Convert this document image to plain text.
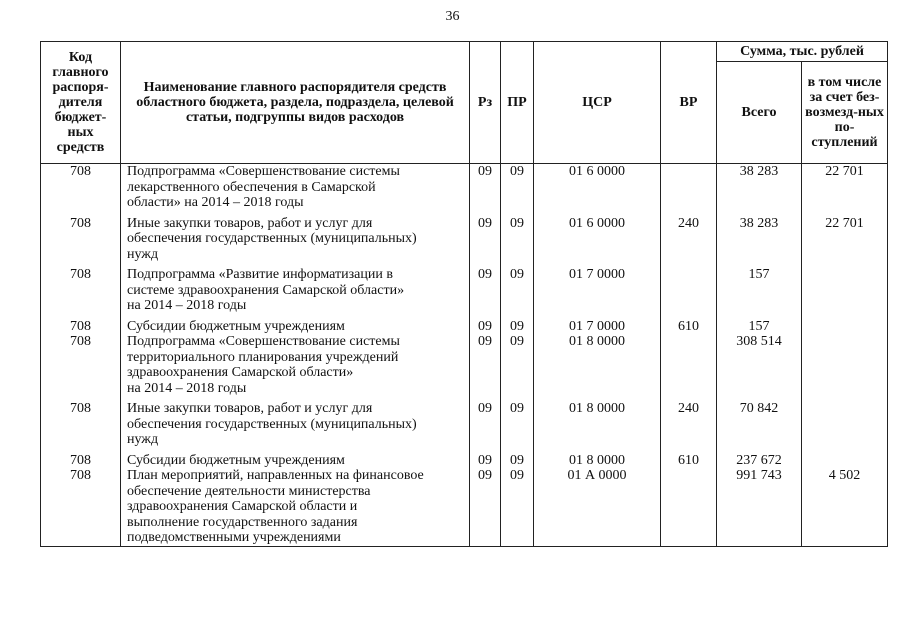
36
Код главного распоря-дителя бюджет-ных средств	Наименование главного распорядителя средств областного бюджета, раздела, подраздела, целевой статьи, подгруппы видов расходов	Рз	ПР	ЦСР	ВР	Сумма, тыс. рублей	
						Всего	в том числе за счет без-возмезд-ных по-ступлений
708	Подпрограмма «Совершенствование системы
лекарственного обеспечения в Самарской
области» на 2014 – 2018 годы	09	09	01 6 0000		38 283	22 701
708	Иные закупки товаров, работ и услуг для
обеспечения государственных (муниципальных)
нужд	09	09	01 6 0000	240	38 283	22 701
708	Подпрограмма «Развитие информатизации в
системе здравоохранения Самарской области»
на 2014 – 2018 годы	09	09	01 7 0000		157	
708	Субсидии бюджетным учреждениям	09	09	01 7 0000	610	157	
708	Подпрограмма «Совершенствование системы
территориального планирования учреждений
здравоохранения Самарской области»
на 2014 – 2018 годы	09	09	01 8 0000		308 514	
708	Иные закупки товаров, работ и услуг для
обеспечения государственных (муниципальных)
нужд	09	09	01 8 0000	240	70 842	
708	Субсидии бюджетным учреждениям	09	09	01 8 0000	610	237 672	
708	План мероприятий, направленных на финансовое
обеспечение деятельности министерства
здравоохранения Самарской области и
выполнение государственного задания
подведомственными учреждениями	09	09	01 А 0000		991 743	4 502
